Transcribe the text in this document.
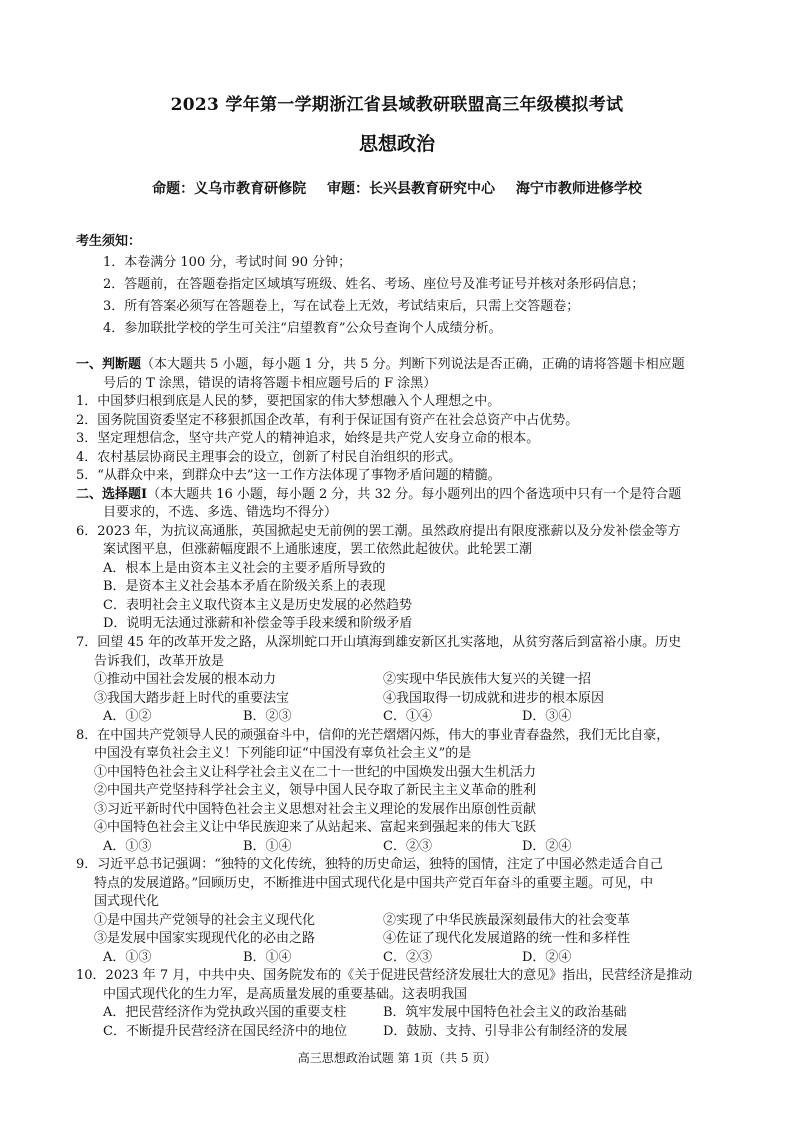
2023 学年第一学期浙江省县域教研联盟高三年级模拟考试
思想政治
命题：义乌市教育研修院 审题：长兴县教育研究中心 海宁市教师进修学校
考生须知：
1．本卷满分 100 分，考试时间 90 分钟；
2．答题前，在答题卷指定区域填写班级、姓名、考场、座位号及准考证号并核对条形码信息；
3．所有答案必须写在答题卷上，写在试卷上无效，考试结束后，只需上交答题卷；
4．参加联批学校的学生可关注“启望教育”公众号查询个人成绩分析。
一、判断题（本大题共 5 小题，每小题 1 分，共 5 分。判断下列说法是否正确，正确的请将答题卡相应题
号后的 T 涂黑，错误的请将答题卡相应题号后的 F 涂黑）
1．中国梦归根到底是人民的梦，要把国家的伟大梦想融入个人理想之中。
2．国务院国资委坚定不移狠抓国企改革，有利于保证国有资产在社会总资产中占优势。
3．坚定理想信念，坚守共产党人的精神追求，始终是共产党人安身立命的根本。
4．农村基层协商民主理事会的设立，创新了村民自治组织的形式。
5．“从群众中来，到群众中去”这一工作方法体现了事物矛盾问题的精髓。
二、选择题Ⅰ（本大题共 16 小题，每小题 2 分，共 32 分。每小题列出的四个备选项中只有一个是符合题
目要求的，不选、多选、错选均不得分）
6．2023 年，为抗议高通胀，英国掀起史无前例的罢工潮。虽然政府提出有限度涨薪以及分发补偿金等方
案试图平息，但涨薪幅度跟不上通胀速度，罢工依然此起彼伏。此轮罢工潮
A．根本上是由资本主义社会的主要矛盾所导致的
B．是资本主义社会基本矛盾在阶级关系上的表现
C．表明社会主义取代资本主义是历史发展的必然趋势
D．说明无法通过涨薪和补偿金等手段来缓和阶级矛盾
7．回望 45 年的改革开发之路，从深圳蛇口开山填海到雄安新区扎实落地，从贫穷落后到富裕小康。历史
告诉我们，改革开放是
①推动中国社会发展的根本动力	②实现中华民族伟大复兴的关键一招
③我国大踏步赶上时代的重要法宝	④我国取得一切成就和进步的根本原因
A．①②	B．②③	C．①④	D．③④
8．在中国共产党领导人民的顽强奋斗中，信仰的光芒熠熠闪烁，伟大的事业青春盎然，我们无比自豪，
中国没有辜负社会主义！下列能印证“中国没有辜负社会主义”的是
①中国特色社会主义让科学社会主义在二十一世纪的中国焕发出强大生机活力
②中国共产党坚持科学社会主义，领导中国人民夺取了新民主主义革命的胜利
③习近平新时代中国特色社会主义思想对社会主义理论的发展作出原创性贡献
④中国特色社会主义让中华民族迎来了从站起来、富起来到强起来的伟大飞跃
A．①③	B．①④	C．②③	D．②④
9．习近平总书记强调：“独特的文化传统，独特的历史命运，独特的国情，注定了中国必然走适合自己
特点的发展道路。”回顾历史，不断推进中国式现代化是中国共产党百年奋斗的重要主题。可见，中
国式现代化
①是中国共产党领导的社会主义现代化	②实现了中华民族最深刻最伟大的社会变革
③是发展中国家实现现代化的必由之路	④佐证了现代化发展道路的统一性和多样性
A．①③	B．①④	C．②③	D．②④
10．2023 年 7 月，中共中央、国务院发布的《关于促进民营经济发展壮大的意见》指出，民营经济是推动
中国式现代化的生力军，是高质量发展的重要基础。这表明我国
A．把民营经济作为党执政兴国的重要支柱	B．筑牢发展中国特色社会主义的政治基础
C．不断提升民营经济在国民经济中的地位	D．鼓励、支持、引导非公有制经济的发展
高三思想政治试题 第 1页（共 5 页）
